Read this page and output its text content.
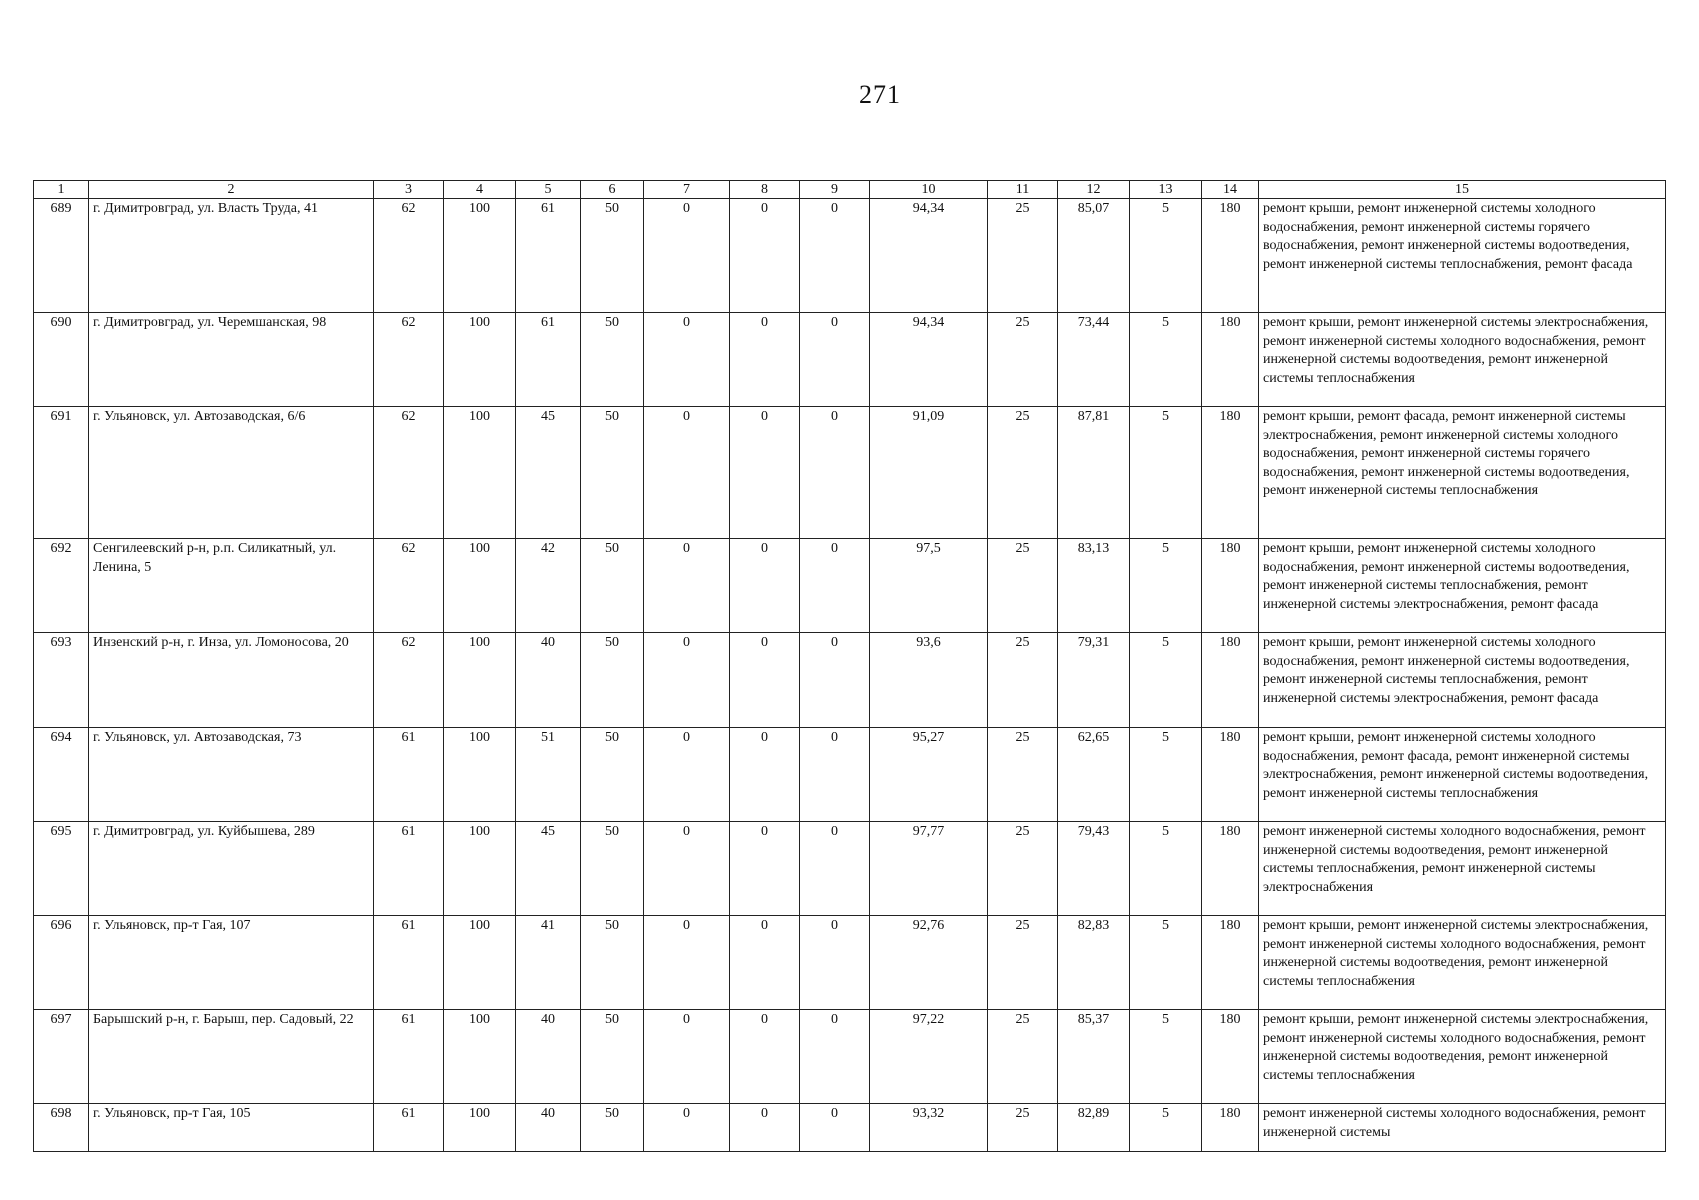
271
1	2	3	4	5	6	7	8	9	10	11	12	13	14	15
689	г. Димитровград, ул. Власть Труда, 41	62	100	61	50	0	0	0	94,34	25	85,07	5	180	ремонт крыши, ремонт инженерной системы холодного водоснабжения, ремонт инженерной системы горячего водоснабжения, ремонт инженерной системы водоотведения, ремонт инженерной системы теплоснабжения, ремонт фасада
690	г. Димитровград, ул. Черемшанская, 98	62	100	61	50	0	0	0	94,34	25	73,44	5	180	ремонт крыши, ремонт инженерной системы электроснабжения, ремонт инженерной системы холодного водоснабжения, ремонт инженерной системы водоотведения, ремонт инженерной системы теплоснабжения
691	г. Ульяновск, ул. Автозаводская, 6/6	62	100	45	50	0	0	0	91,09	25	87,81	5	180	ремонт крыши, ремонт фасада, ремонт инженерной системы электроснабжения, ремонт инженерной системы холодного водоснабжения, ремонт инженерной системы горячего водоснабжения, ремонт инженерной системы водоотведения, ремонт инженерной системы теплоснабжения
692	Сенгилеевский р-н, р.п. Силикатный, ул. Ленина, 5	62	100	42	50	0	0	0	97,5	25	83,13	5	180	ремонт крыши, ремонт инженерной системы холодного водоснабжения, ремонт инженерной системы водоотведения, ремонт инженерной системы теплоснабжения, ремонт инженерной системы электроснабжения, ремонт фасада
693	Инзенский р-н, г. Инза, ул. Ломоносова, 20	62	100	40	50	0	0	0	93,6	25	79,31	5	180	ремонт крыши, ремонт инженерной системы холодного водоснабжения, ремонт инженерной системы водоотведения, ремонт инженерной системы теплоснабжения, ремонт инженерной системы электроснабжения, ремонт фасада
694	г. Ульяновск, ул. Автозаводская, 73	61	100	51	50	0	0	0	95,27	25	62,65	5	180	ремонт крыши, ремонт инженерной системы холодного водоснабжения, ремонт фасада, ремонт инженерной системы электроснабжения, ремонт инженерной системы водоотведения, ремонт инженерной системы теплоснабжения
695	г. Димитровград, ул. Куйбышева, 289	61	100	45	50	0	0	0	97,77	25	79,43	5	180	ремонт инженерной системы холодного водоснабжения, ремонт инженерной системы водоотведения, ремонт инженерной системы теплоснабжения, ремонт инженерной системы электроснабжения
696	г. Ульяновск, пр-т Гая, 107	61	100	41	50	0	0	0	92,76	25	82,83	5	180	ремонт крыши, ремонт инженерной системы электроснабжения, ремонт инженерной системы холодного водоснабжения, ремонт инженерной системы водоотведения, ремонт инженерной системы теплоснабжения
697	Барышский р-н, г. Барыш, пер. Садовый, 22	61	100	40	50	0	0	0	97,22	25	85,37	5	180	ремонт крыши, ремонт инженерной системы электроснабжения, ремонт инженерной системы холодного водоснабжения, ремонт инженерной системы водоотведения, ремонт инженерной системы теплоснабжения
698	г. Ульяновск, пр-т Гая, 105	61	100	40	50	0	0	0	93,32	25	82,89	5	180	ремонт инженерной системы холодного водоснабжения, ремонт инженерной системы
